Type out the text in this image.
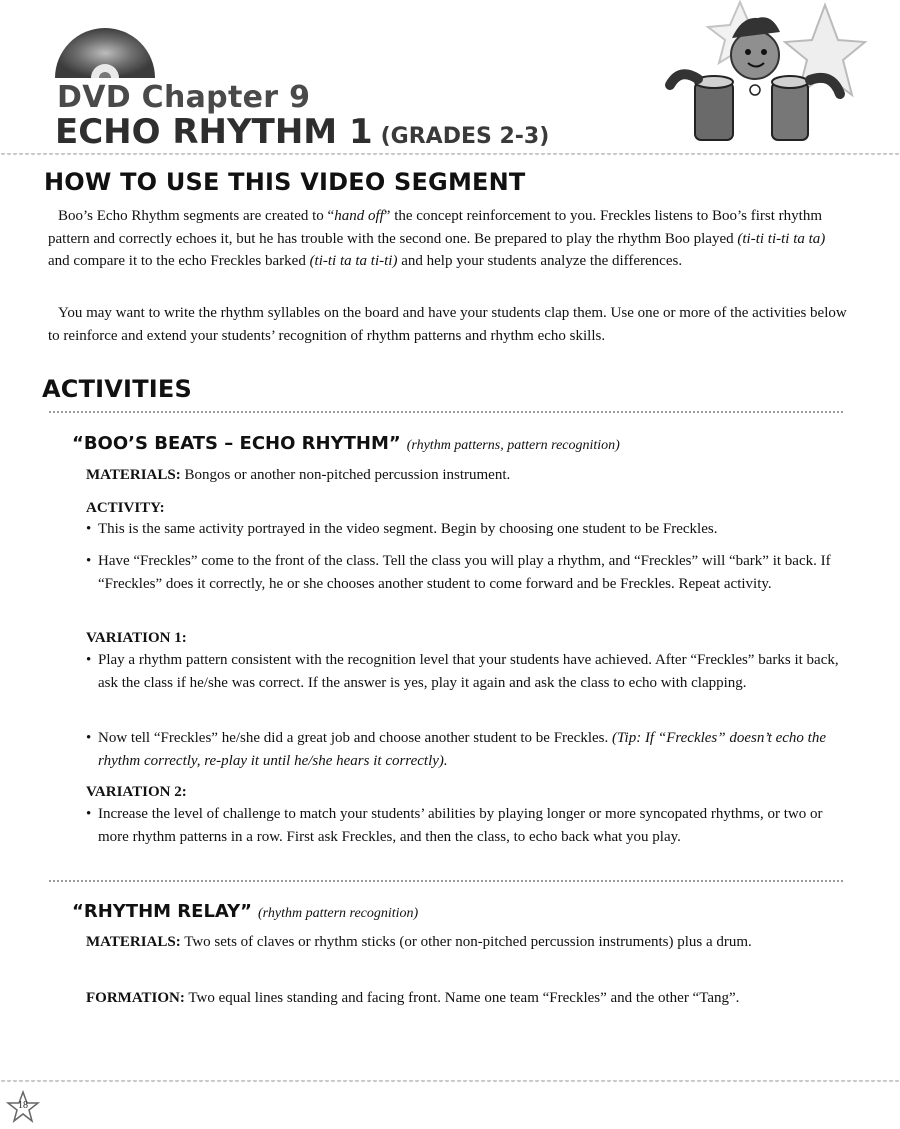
DVD Chapter 9
ECHO RHYTHM 1 (GRADES 2-3)
HOW TO USE THIS VIDEO SEGMENT

Boo’s Echo Rhythm segments are created to “hand off” the concept reinforcement to you. Freckles listens to Boo’s first rhythm pattern and correctly echoes it, but he has trouble with the second one. Be prepared to play the rhythm Boo played (ti-ti ti-ti ta ta) and compare it to the echo Freckles barked (ti-ti ta ta ti-ti) and help your students analyze the differences.

You may want to write the rhythm syllables on the board and have your students clap them. Use one or more of the activities below to reinforce and extend your students’ recognition of rhythm patterns and rhythm echo skills.

ACTIVITIES
“BOO’S BEATS – ECHO RHYTHM” (rhythm patterns, pattern recognition)

MATERIALS: Bongos or another non-pitched percussion instrument.

ACTIVITY:

• This is the same activity portrayed in the video segment. Begin by choosing one student to be Freckles.

• Have “Freckles” come to the front of the class. Tell the class you will play a rhythm, and “Freckles” will “bark” it back. If “Freckles” does it correctly, he or she chooses another student to come forward and be Freckles. Repeat activity.

VARIATION 1:

• Play a rhythm pattern consistent with the recognition level that your students have achieved. After “Freckles” barks it back, ask the class if he/she was correct. If the answer is yes, play it again and ask the class to echo with clapping.

• Now tell “Freckles” he/she did a great job and choose another student to be Freckles. (Tip: If “Freckles” doesn’t echo the rhythm correctly, re-play it until he/she hears it correctly).

VARIATION 2:

• Increase the level of challenge to match your students’ abilities by playing longer or more syncopated rhythms, or two or more rhythm patterns in a row. First ask Freckles, and then the class, to echo back what you play.

“RHYTHM RELAY” (rhythm pattern recognition)

MATERIALS: Two sets of claves or rhythm sticks (or other non-pitched percussion instruments) plus a drum.

FORMATION: Two equal lines standing and facing front. Name one team “Freckles” and the other “Tang”.

18
